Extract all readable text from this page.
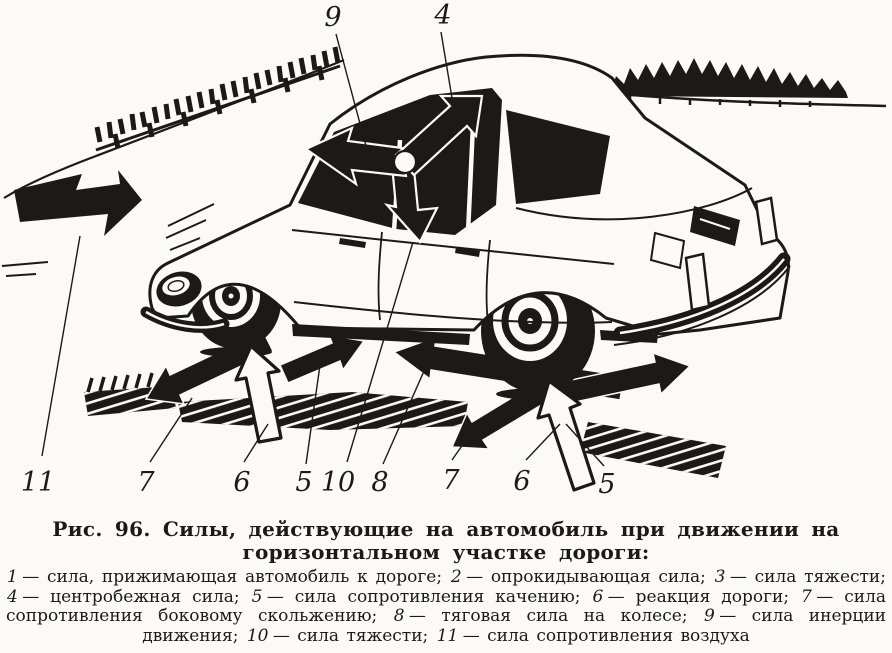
9	4
11	7	6 5 10 8 7 6	5
Рис. 96. Силы, действующие на автомобиль при движении на горизонтальном участке дороги:

1 — сила, прижимающая автомобиль к дороге; 2 — опрокидывающая сила; 3 — сила тяжести; 4 — центробежная сила; 5 — сила сопротивления качению; 6 — реакция дороги; 7 — сила сопротивления боковому скольжению; 8 — тяговая сила на колесе; 9 — сила инерции движения; 10 — сила тяжести; 11 — сила сопротивления воздуха
